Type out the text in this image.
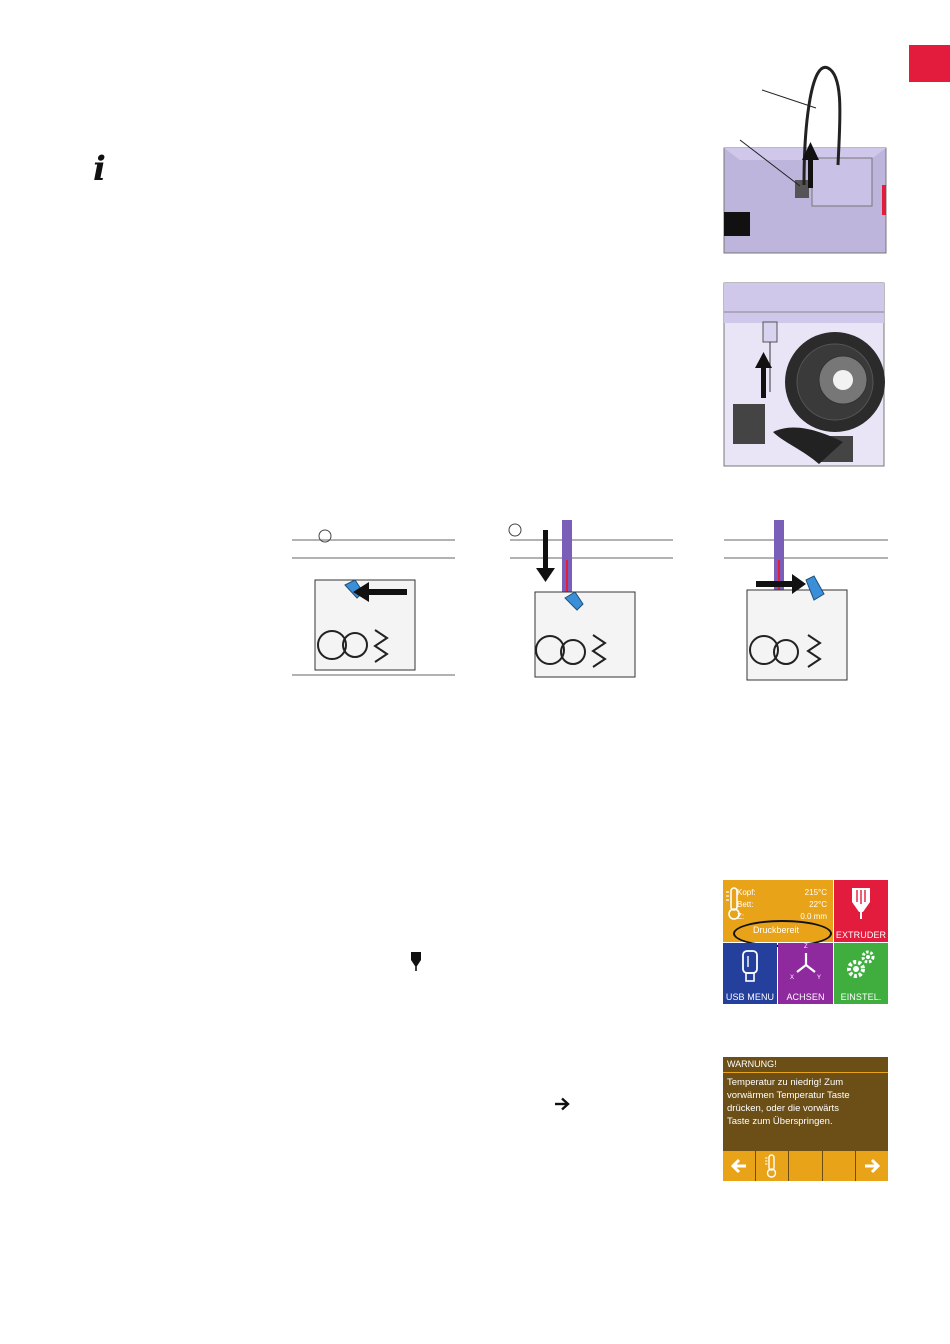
i
Kopf:	215°C
Bett:	22°C
Z:	0.0 mm
Druckbereit	EXTRUDER
USB MENU
Z
X	Y
ACHSEN	EINSTEL.
WARNUNG!
Temperatur zu niedrig! Zum
vorwärmen Temperatur Taste
drücken, oder die vorwärts
Taste zum Überspringen.
